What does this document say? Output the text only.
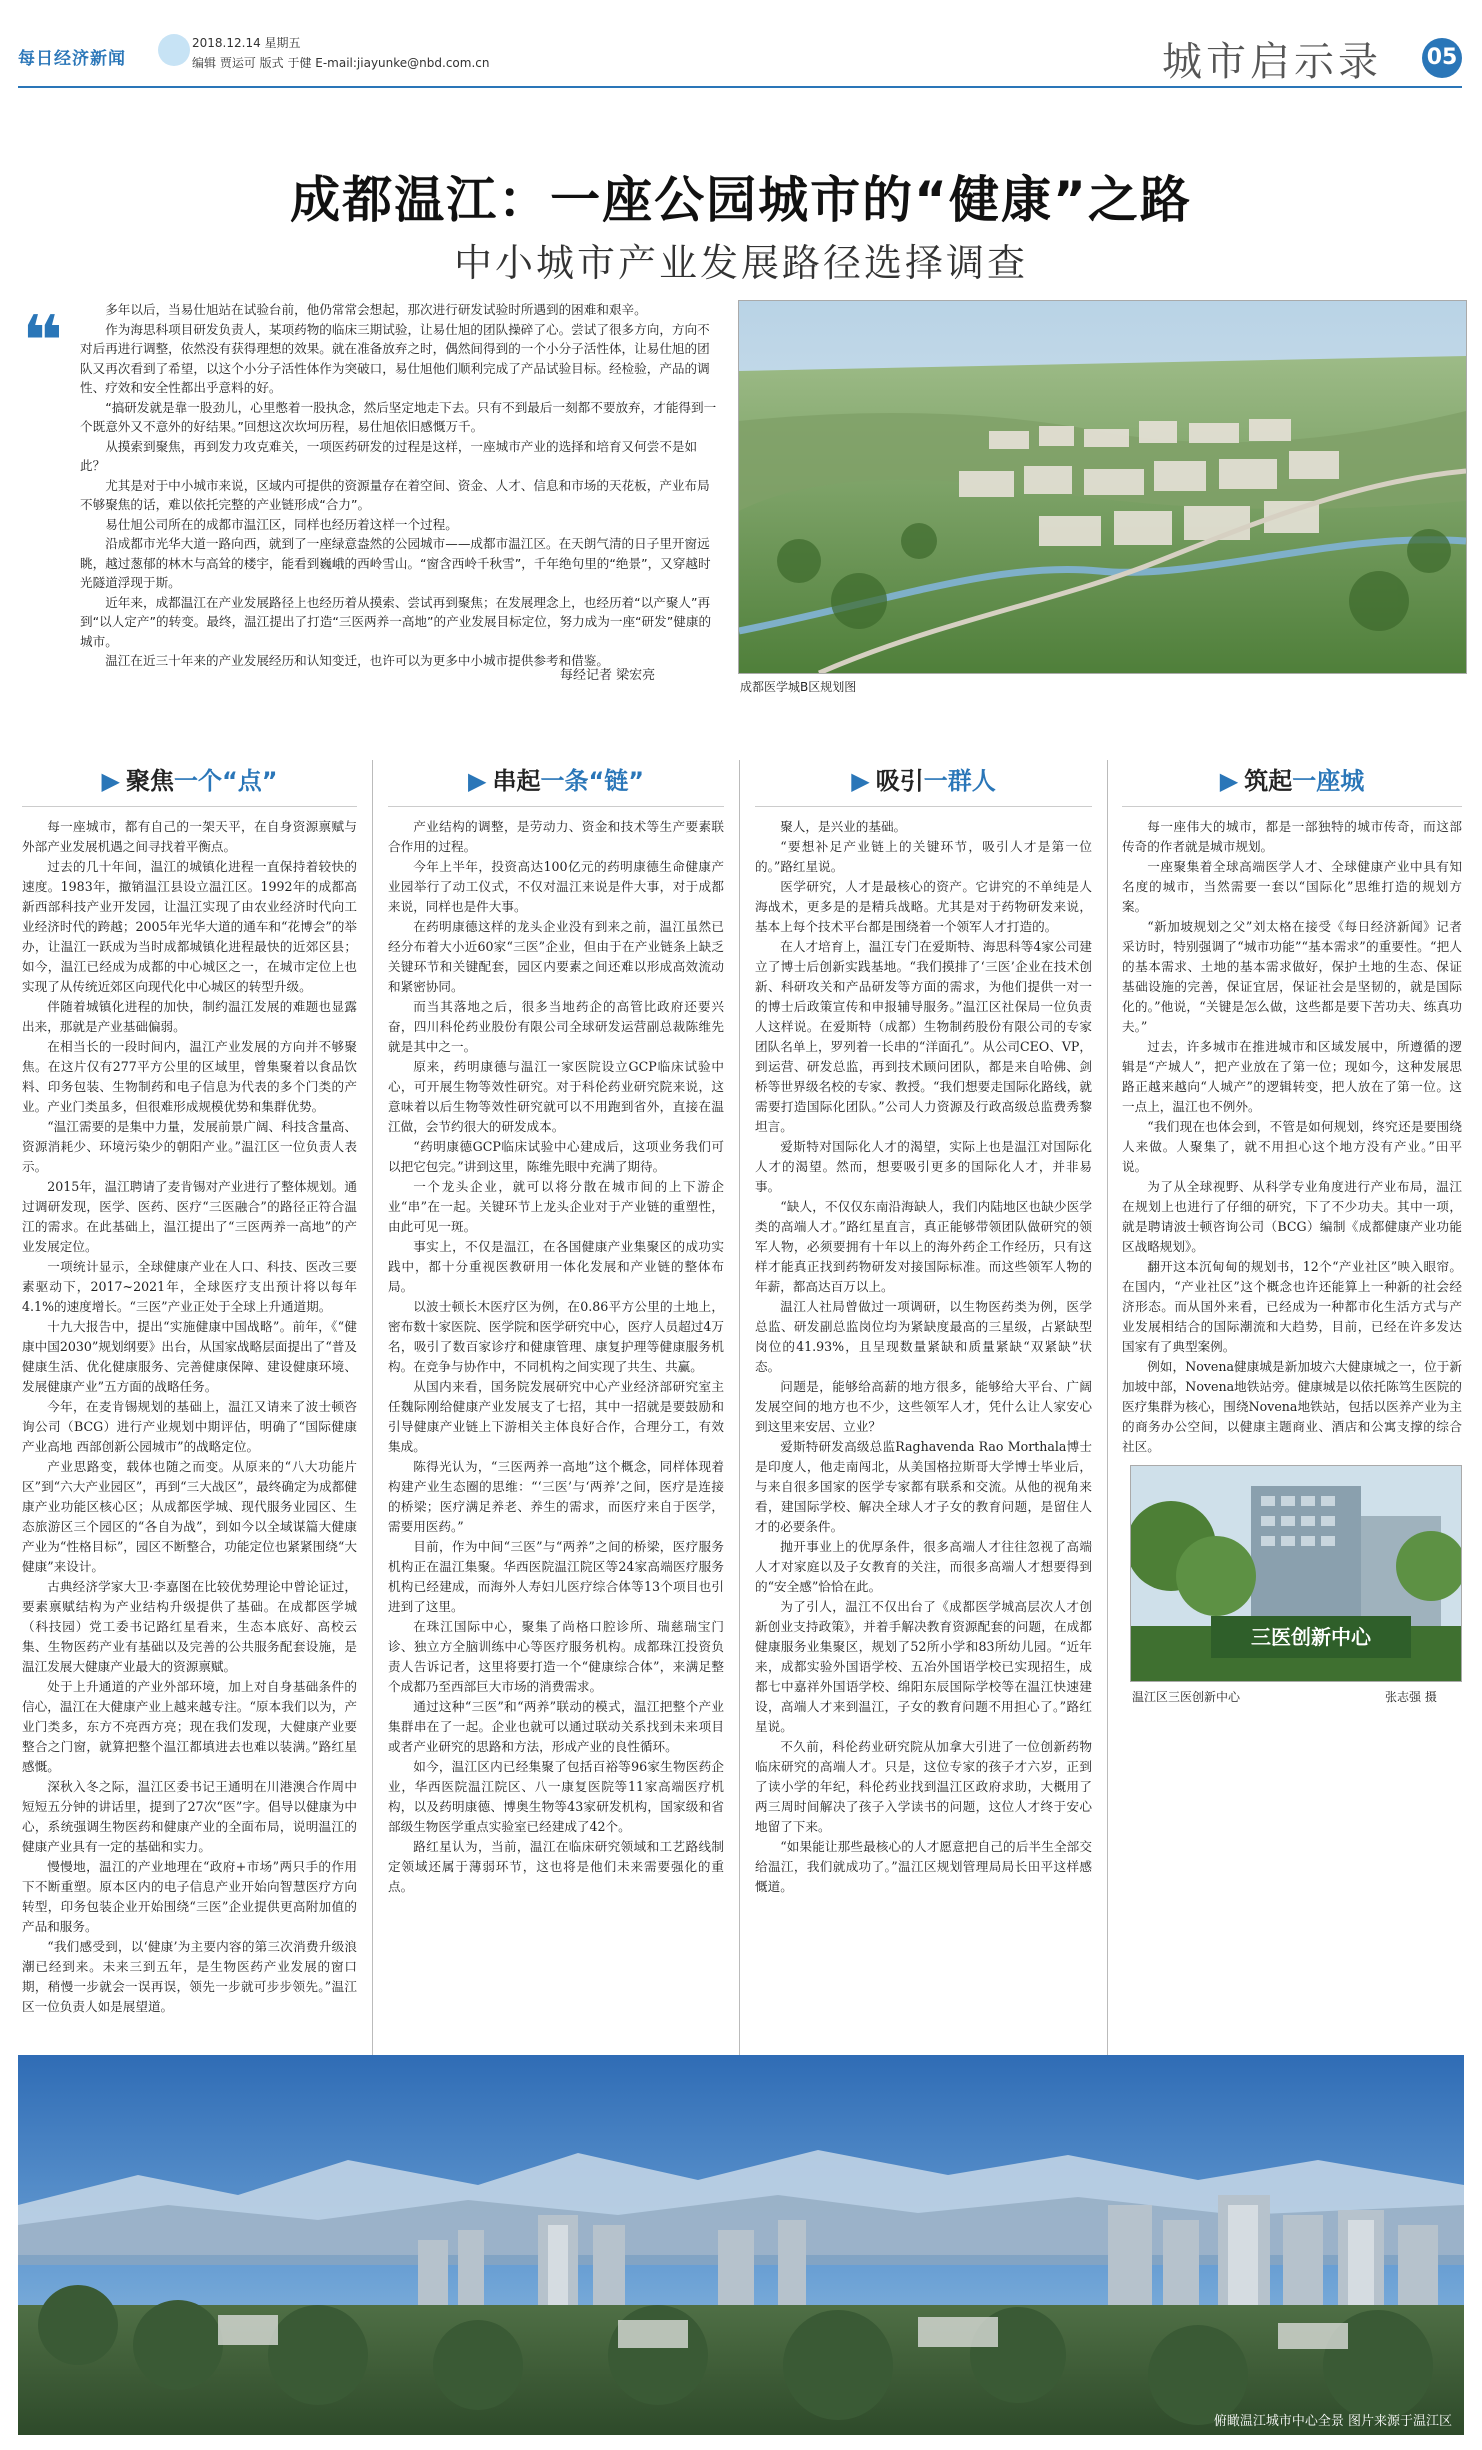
每日经济新闻
2018.12.14 星期五
编辑 贾运可 版式 于健 E-mail:jiayunke@nbd.com.cn	城市启示录 05
成都温江：一座公园城市的“健康”之路
中小城市产业发展路径选择调查
❝	多年以后，当易仕旭站在试验台前，他仍常常会想起，那次进行研发试验时所遇到的困难和艰辛。

作为海思科项目研发负责人，某项药物的临床三期试验，让易仕旭的团队操碎了心。尝试了很多方向，方向不对后再进行调整，依然没有获得理想的效果。就在准备放弃之时，偶然间得到的一个小分子活性体，让易仕旭的团队又再次看到了希望，以这个小分子活性体作为突破口，易仕旭他们顺利完成了产品试验目标。经检验，产品的调性、疗效和安全性都出乎意料的好。

“搞研发就是靠一股劲儿，心里憋着一股执念，然后坚定地走下去。只有不到最后一刻都不要放弃，才能得到一个既意外又不意外的好结果。”回想这次坎坷历程，易仕旭依旧感慨万千。

从摸索到聚焦，再到发力攻克难关，一项医药研发的过程是这样，一座城市产业的选择和培育又何尝不是如此？

尤其是对于中小城市来说，区域内可提供的资源量存在着空间、资金、人才、信息和市场的天花板，产业布局不够聚焦的话，难以依托完整的产业链形成“合力”。

易仕旭公司所在的成都市温江区，同样也经历着这样一个过程。

沿成都市光华大道一路向西，就到了一座绿意盎然的公园城市——成都市温江区。在天朗气清的日子里开窗远眺，越过葱郁的林木与高耸的楼宇，能看到巍峨的西岭雪山。“窗含西岭千秋雪”，千年绝句里的“绝景”，又穿越时光隧道浮现于斯。

近年来，成都温江在产业发展路径上也经历着从摸索、尝试再到聚焦；在发展理念上，也经历着“以产聚人”再到“以人定产”的转变。最终，温江提出了打造“三医两养一高地”的产业发展目标定位，努力成为一座“研发”健康的城市。

温江在近三十年来的产业发展经历和认知变迁，也许可以为更多中小城市提供参考和借鉴。

每经记者 梁宏亮
成都医学城B区规划图
▶ 聚焦一个“点”

每一座城市，都有自己的一架天平，在自身资源禀赋与外部产业发展机遇之间寻找着平衡点。

过去的几十年间，温江的城镇化进程一直保持着较快的速度。1983年，撤销温江县设立温江区。1992年的成都高新西部科技产业开发园，让温江实现了由农业经济时代向工业经济时代的跨越；2005年光华大道的通车和“花博会”的举办，让温江一跃成为当时成都城镇化进程最快的近郊区县；如今，温江已经成为成都的中心城区之一，在城市定位上也实现了从传统近郊区向现代化中心城区的转型升级。

伴随着城镇化进程的加快，制约温江发展的难题也显露出来，那就是产业基础偏弱。

在相当长的一段时间内，温江产业发展的方向并不够聚焦。在这片仅有277平方公里的区域里，曾集聚着以食品饮料、印务包装、生物制药和电子信息为代表的多个门类的产业。产业门类虽多，但很难形成规模优势和集群优势。

“温江需要的是集中力量，发展前景广阔、科技含量高、资源消耗少、环境污染少的朝阳产业。”温江区一位负责人表示。

2015年，温江聘请了麦肯锡对产业进行了整体规划。通过调研发现，医学、医药、医疗“三医融合”的路径正符合温江的需求。在此基础上，温江提出了“三医两养一高地”的产业发展定位。

一项统计显示，全球健康产业在人口、科技、医改三要素驱动下，2017~2021年，全球医疗支出预计将以每年4.1%的速度增长。“三医”产业正处于全球上升通道期。

十九大报告中，提出“实施健康中国战略”。前年，《“健康中国2030”规划纲要》出台，从国家战略层面提出了“普及健康生活、优化健康服务、完善健康保障、建设健康环境、发展健康产业”五方面的战略任务。

今年，在麦肯锡规划的基础上，温江又请来了波士顿咨询公司（BCG）进行产业规划中期评估，明确了“国际健康产业高地 西部创新公园城市”的战略定位。

产业思路变，载体也随之而变。从原来的“八大功能片区”到“六大产业园区”，再到“三大战区”，最终确定为成都健康产业功能区核心区；从成都医学城、现代服务业园区、生态旅游区三个园区的“各自为战”，到如今以全域谋篇大健康产业为“性格目标”，园区不断整合，功能定位也紧紧围绕“大健康”来设计。

古典经济学家大卫·李嘉图在比较优势理论中曾论证过，要素禀赋结构为产业结构升级提供了基础。在成都医学城（科技园）党工委书记路红星看来，生态本底好、高校云集、生物医药产业有基础以及完善的公共服务配套设施，是温江发展大健康产业最大的资源禀赋。

处于上升通道的产业外部环境，加上对自身基础条件的信心，温江在大健康产业上越来越专注。“原本我们以为，产业门类多，东方不亮西方亮；现在我们发现，大健康产业要整合之门窗，就算把整个温江都填进去也难以装满。”路红星感慨。

深秋入冬之际，温江区委书记王通明在川港澳合作周中短短五分钟的讲话里，提到了27次“医”字。倡导以健康为中心，系统强调生物医药和健康产业的全面布局，说明温江的健康产业具有一定的基础和实力。

慢慢地，温江的产业地理在“政府+市场”两只手的作用下不断重塑。原本区内的电子信息产业开始向智慧医疗方向转型，印务包装企业开始围绕“三医”企业提供更高附加值的产品和服务。

“我们感受到，以‘健康’为主要内容的第三次消费升级浪潮已经到来。未来三到五年，是生物医药产业发展的窗口期，稍慢一步就会一误再误，领先一步就可步步领先。”温江区一位负责人如是展望道。

▶ 串起一条“链”

产业结构的调整，是劳动力、资金和技术等生产要素联合作用的过程。

今年上半年，投资高达100亿元的药明康德生命健康产业园举行了动工仪式，不仅对温江来说是件大事，对于成都来说，同样也是件大事。

在药明康德这样的龙头企业没有到来之前，温江虽然已经分布着大小近60家“三医”企业，但由于在产业链条上缺乏关键环节和关键配套，园区内要素之间还难以形成高效流动和紧密协同。

而当其落地之后，很多当地药企的高管比政府还要兴奋，四川科伦药业股份有限公司全球研发运营副总裁陈维先就是其中之一。

原来，药明康德与温江一家医院设立GCP临床试验中心，可开展生物等效性研究。对于科伦药业研究院来说，这意味着以后生物等效性研究就可以不用跑到省外，直接在温江做，会节约很大的研发成本。

“药明康德GCP临床试验中心建成后，这项业务我们可以把它包完。”讲到这里，陈维先眼中充满了期待。

一个龙头企业，就可以将分散在城市间的上下游企业“串”在一起。关键环节上龙头企业对于产业链的重塑性，由此可见一斑。

事实上，不仅是温江，在各国健康产业集聚区的成功实践中，都十分重视医教研用一体化发展和产业链的整体布局。

以波士顿长木医疗区为例，在0.86平方公里的土地上，密布数十家医院、医学院和医学研究中心，医疗人员超过4万名，吸引了数百家诊疗和健康管理、康复护理等健康服务机构。在竞争与协作中，不同机构之间实现了共生、共赢。

从国内来看，国务院发展研究中心产业经济部研究室主任魏际刚给健康产业发展支了七招，其中一招就是要鼓励和引导健康产业链上下游相关主体良好合作，合理分工，有效集成。

陈得光认为，“三医两养一高地”这个概念，同样体现着构建产业生态圈的思维：“‘三医’与‘两养’之间，医疗是连接的桥梁；医疗满足养老、养生的需求，而医疗来自于医学，需要用医药。”

目前，作为中间“三医”与“两养”之间的桥梁，医疗服务机构正在温江集聚。华西医院温江院区等24家高端医疗服务机构已经建成，而海外人寿妇儿医疗综合体等13个项目也引进到了这里。

在珠江国际中心，聚集了尚格口腔诊所、瑞慈瑞宝门诊、独立方全脑训练中心等医疗服务机构。成都珠江投资负责人告诉记者，这里将要打造一个“健康综合体”，来满足整个成都乃至西部巨大市场的消费需求。

通过这种“三医”和“两养”联动的模式，温江把整个产业集群串在了一起。企业也就可以通过联动关系找到未来项目或者产业研究的思路和方法，形成产业的良性循环。

如今，温江区内已经集聚了包括百裕等96家生物医药企业，华西医院温江院区、八一康复医院等11家高端医疗机构，以及药明康德、博奥生物等43家研发机构，国家级和省部级生物医学重点实验室已经建成了42个。

路红星认为，当前，温江在临床研究领域和工艺路线制定领域还属于薄弱环节，这也将是他们未来需要强化的重点。

▶ 吸引一群人

聚人，是兴业的基础。

“要想补足产业链上的关键环节，吸引人才是第一位的。”路红星说。

医学研究，人才是最核心的资产。它讲究的不单纯是人海战术，更多是的是精兵战略。尤其是对于药物研发来说，基本上每个技术平台都是围绕着一个领军人才打造的。

在人才培育上，温江专门在爱斯特、海思科等4家公司建立了博士后创新实践基地。“我们摸排了‘三医’企业在技术创新、科研攻关和产品研发等方面的需求，为他们提供一对一的博士后政策宣传和申报辅导服务。”温江区社保局一位负责人这样说。在爱斯特（成都）生物制药股份有限公司的专家团队名单上，罗列着一长串的“洋面孔”。从公司CEO、VP，到运营、研发总监，再到技术顾问团队，都是来自哈佛、剑桥等世界级名校的专家、教授。“我们想要走国际化路线，就需要打造国际化团队。”公司人力资源及行政高级总监费秀黎坦言。

爱斯特对国际化人才的渴望，实际上也是温江对国际化人才的渴望。然而，想要吸引更多的国际化人才，并非易事。

“缺人，不仅仅东南沿海缺人，我们内陆地区也缺少医学类的高端人才。”路红星直言，真正能够带领团队做研究的领军人物，必须要拥有十年以上的海外药企工作经历，只有这样才能真正找到药物研发对接国际标准。而这些领军人物的年薪，都高达百万以上。

温江人社局曾做过一项调研，以生物医药类为例，医学总监、研发副总监岗位均为紧缺度最高的三星级，占紧缺型岗位的41.93%，且呈现数量紧缺和质量紧缺“双紧缺”状态。

问题是，能够给高薪的地方很多，能够给大平台、广阔发展空间的地方也不少，这些领军人才，凭什么让人家安心到这里来安居、立业？

爱斯特研发高级总监Raghavenda Rao Morthala博士是印度人，他走南闯北，从美国格拉斯哥大学博士毕业后，与来自很多国家的医学专家都有联系和交流。从他的视角来看，建国际学校、解决全球人才子女的教育问题，是留住人才的必要条件。

抛开事业上的优厚条件，很多高端人才往往忽视了高端人才对家庭以及子女教育的关注，而很多高端人才想要得到的“安全感”恰恰在此。

为了引人，温江不仅出台了《成都医学城高层次人才创新创业支持政策》，并着手解决教育资源配套的问题，在成都健康服务业集聚区，规划了52所小学和83所幼儿园。“近年来，成都实验外国语学校、五冶外国语学校已实现招生，成都七中嘉祥外国语学校、绵阳东辰国际学校等在温江快速建设，高端人才来到温江，子女的教育问题不用担心了。”路红星说。

不久前，科伦药业研究院从加拿大引进了一位创新药物临床研究的高端人才。只是，这位专家的孩子才六岁，正到了读小学的年纪，科伦药业找到温江区政府求助，大概用了两三周时间解决了孩子入学读书的问题，这位人才终于安心地留了下来。

“如果能让那些最核心的人才愿意把自己的后半生全部交给温江，我们就成功了。”温江区规划管理局局长田平这样感慨道。

▶ 筑起一座城

每一座伟大的城市，都是一部独特的城市传奇，而这部传奇的作者就是城市规划。

一座聚集着全球高端医学人才、全球健康产业中具有知名度的城市，当然需要一套以“国际化”思维打造的规划方案。

“新加坡规划之父”刘太格在接受《每日经济新闻》记者采访时，特别强调了“城市功能”“基本需求”的重要性。“把人的基本需求、土地的基本需求做好，保护土地的生态、保证基础设施的完善，保证宜居，保证社会是坚韧的，就是国际化的。”他说，“关键是怎么做，这些都是要下苦功夫、练真功夫。”

过去，许多城市在推进城市和区域发展中，所遵循的逻辑是“产城人”，把产业放在了第一位；现如今，这种发展思路正越来越向“人城产”的逻辑转变，把人放在了第一位。这一点上，温江也不例外。

“我们现在也体会到，不管是如何规划，终究还是要围绕人来做。人聚集了，就不用担心这个地方没有产业。”田平说。

为了从全球视野、从科学专业角度进行产业布局，温江在规划上也进行了仔细的研究，下了不少功夫。其中一项，就是聘请波士顿咨询公司（BCG）编制《成都健康产业功能区战略规划》。

翻开这本沉甸甸的规划书，12个“产业社区”映入眼帘。在国内，“产业社区”这个概念也许还能算上一种新的社会经济形态。而从国外来看，已经成为一种都市化生活方式与产业发展相结合的国际潮流和大趋势，目前，已经在许多发达国家有了典型案例。

例如，Novena健康城是新加坡六大健康城之一，位于新加坡中部，Novena地铁站旁。健康城是以依托陈笃生医院的医疗集群为核心，围绕Novena地铁站，包括以医养产业为主的商务办公空间，以健康主题商业、酒店和公寓支撑的综合社区。

三医创新中心
温江区三医创新中心	张志强 摄
俯瞰温江城市中心全景 图片来源于温江区
